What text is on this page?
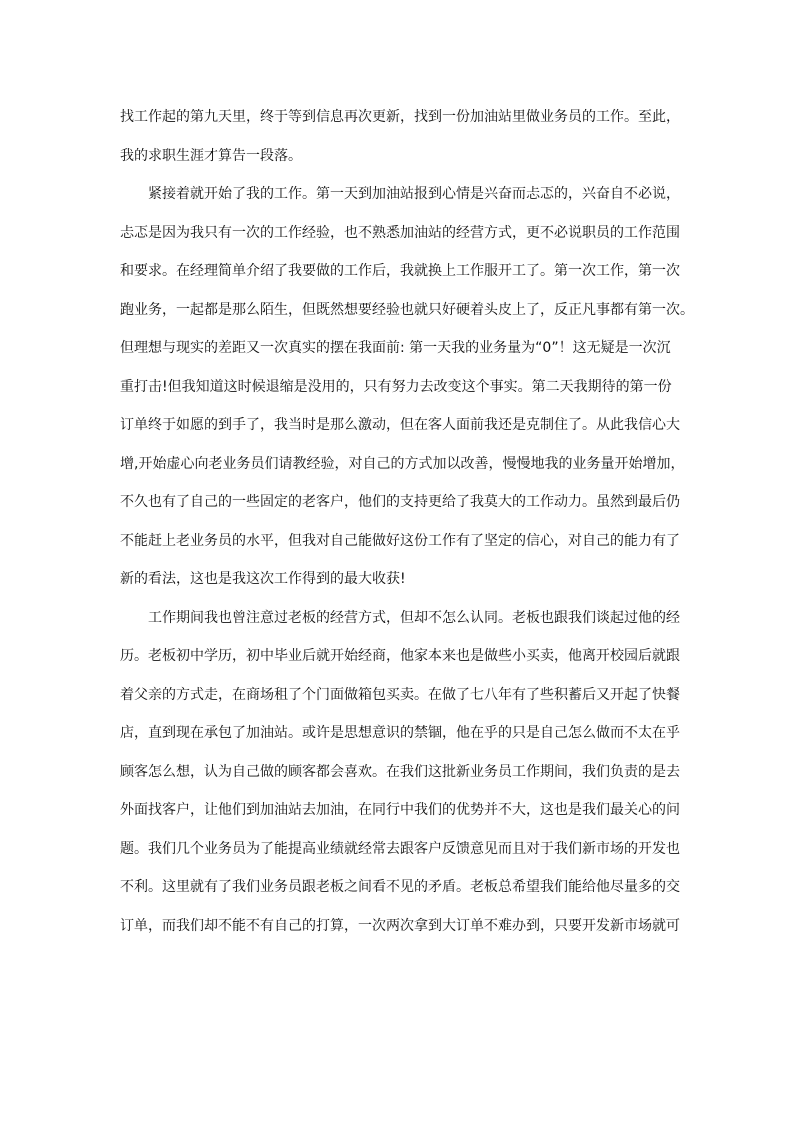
找工作起的第九天里，终于等到信息再次更新，找到一份加油站里做业务员的工作。至此，
我的求职生涯才算告一段落。
紧接着就开始了我的工作。第一天到加油站报到心情是兴奋而忐忑的，兴奋自不必说，
忐忑是因为我只有一次的工作经验，也不熟悉加油站的经营方式，更不必说职员的工作范围
和要求。在经理简单介绍了我要做的工作后，我就换上工作服开工了。第一次工作，第一次
跑业务，一起都是那么陌生，但既然想要经验也就只好硬着头皮上了，反正凡事都有第一次。
但理想与现实的差距又一次真实的摆在我面前: 第一天我的业务量为“0”！这无疑是一次沉
重打击!但我知道这时候退缩是没用的，只有努力去改变这个事实。第二天我期待的第一份
订单终于如愿的到手了，我当时是那么激动，但在客人面前我还是克制住了。从此我信心大
增,开始虚心向老业务员们请教经验，对自己的方式加以改善，慢慢地我的业务量开始增加，
不久也有了自己的一些固定的老客户，他们的支持更给了我莫大的工作动力。虽然到最后仍
不能赶上老业务员的水平，但我对自己能做好这份工作有了坚定的信心，对自己的能力有了
新的看法，这也是我这次工作得到的最大收获!
工作期间我也曾注意过老板的经营方式，但却不怎么认同。老板也跟我们谈起过他的经
历。老板初中学历，初中毕业后就开始经商，他家本来也是做些小买卖，他离开校园后就跟
着父亲的方式走，在商场租了个门面做箱包买卖。在做了七八年有了些积蓄后又开起了快餐
店，直到现在承包了加油站。或许是思想意识的禁锢，他在乎的只是自己怎么做而不太在乎
顾客怎么想，认为自己做的顾客都会喜欢。在我们这批新业务员工作期间，我们负责的是去
外面找客户，让他们到加油站去加油，在同行中我们的优势并不大，这也是我们最关心的问
题。我们几个业务员为了能提高业绩就经常去跟客户反馈意见而且对于我们新市场的开发也
不利。这里就有了我们业务员跟老板之间看不见的矛盾。老板总希望我们能给他尽量多的交
订单，而我们却不能不有自己的打算，一次两次拿到大订单不难办到，只要开发新市场就可
